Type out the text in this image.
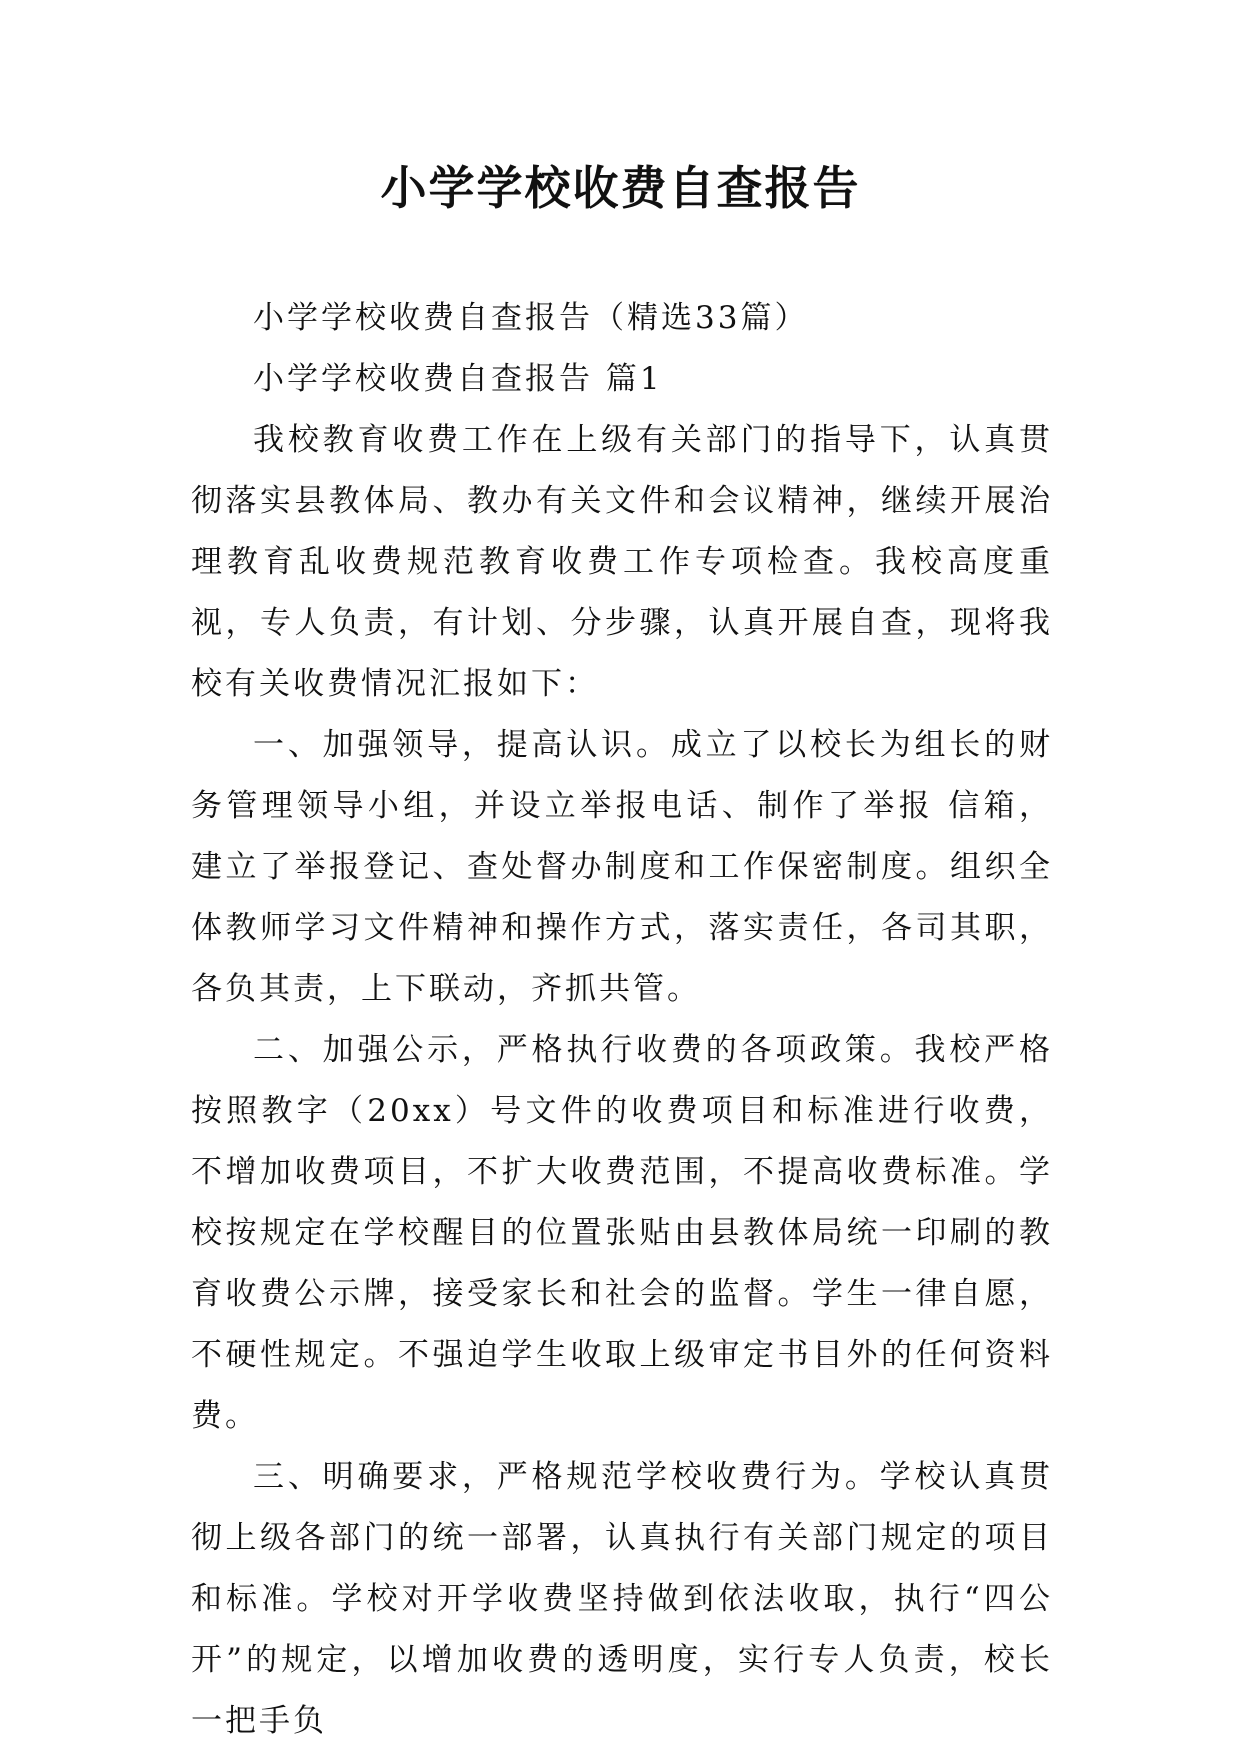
小学学校收费自查报告

小学学校收费自查报告（精选33篇）

小学学校收费自查报告 篇1

我校教育收费工作在上级有关部门的指导下，认真贯彻落实县教体局、教办有关文件和会议精神，继续开展治理教育乱收费规范教育收费工作专项检查。我校高度重视，专人负责，有计划、分步骤，认真开展自查，现将我校有关收费情况汇报如下：

一、加强领导，提高认识。成立了以校长为组长的财务管理领导小组，并设立举报电话、制作了举报 信箱，建立了举报登记、查处督办制度和工作保密制度。组织全体教师学习文件精神和操作方式，落实责任，各司其职，各负其责，上下联动，齐抓共管。

二、加强公示，严格执行收费的各项政策。我校严格按照教字（20xx）号文件的收费项目和标准进行收费，不增加收费项目，不扩大收费范围，不提高收费标准。学校按规定在学校醒目的位置张贴由县教体局统一印刷的教育收费公示牌，接受家长和社会的监督。学生一律自愿，不硬性规定。不强迫学生收取上级审定书目外的任何资料费。

三、明确要求，严格规范学校收费行为。学校认真贯彻上级各部门的统一部署，认真执行有关部门规定的项目和标准。学校对开学收费坚持做到依法收取，执行“四公开”的规定，以增加收费的透明度，实行专人负责，校长一把手负
